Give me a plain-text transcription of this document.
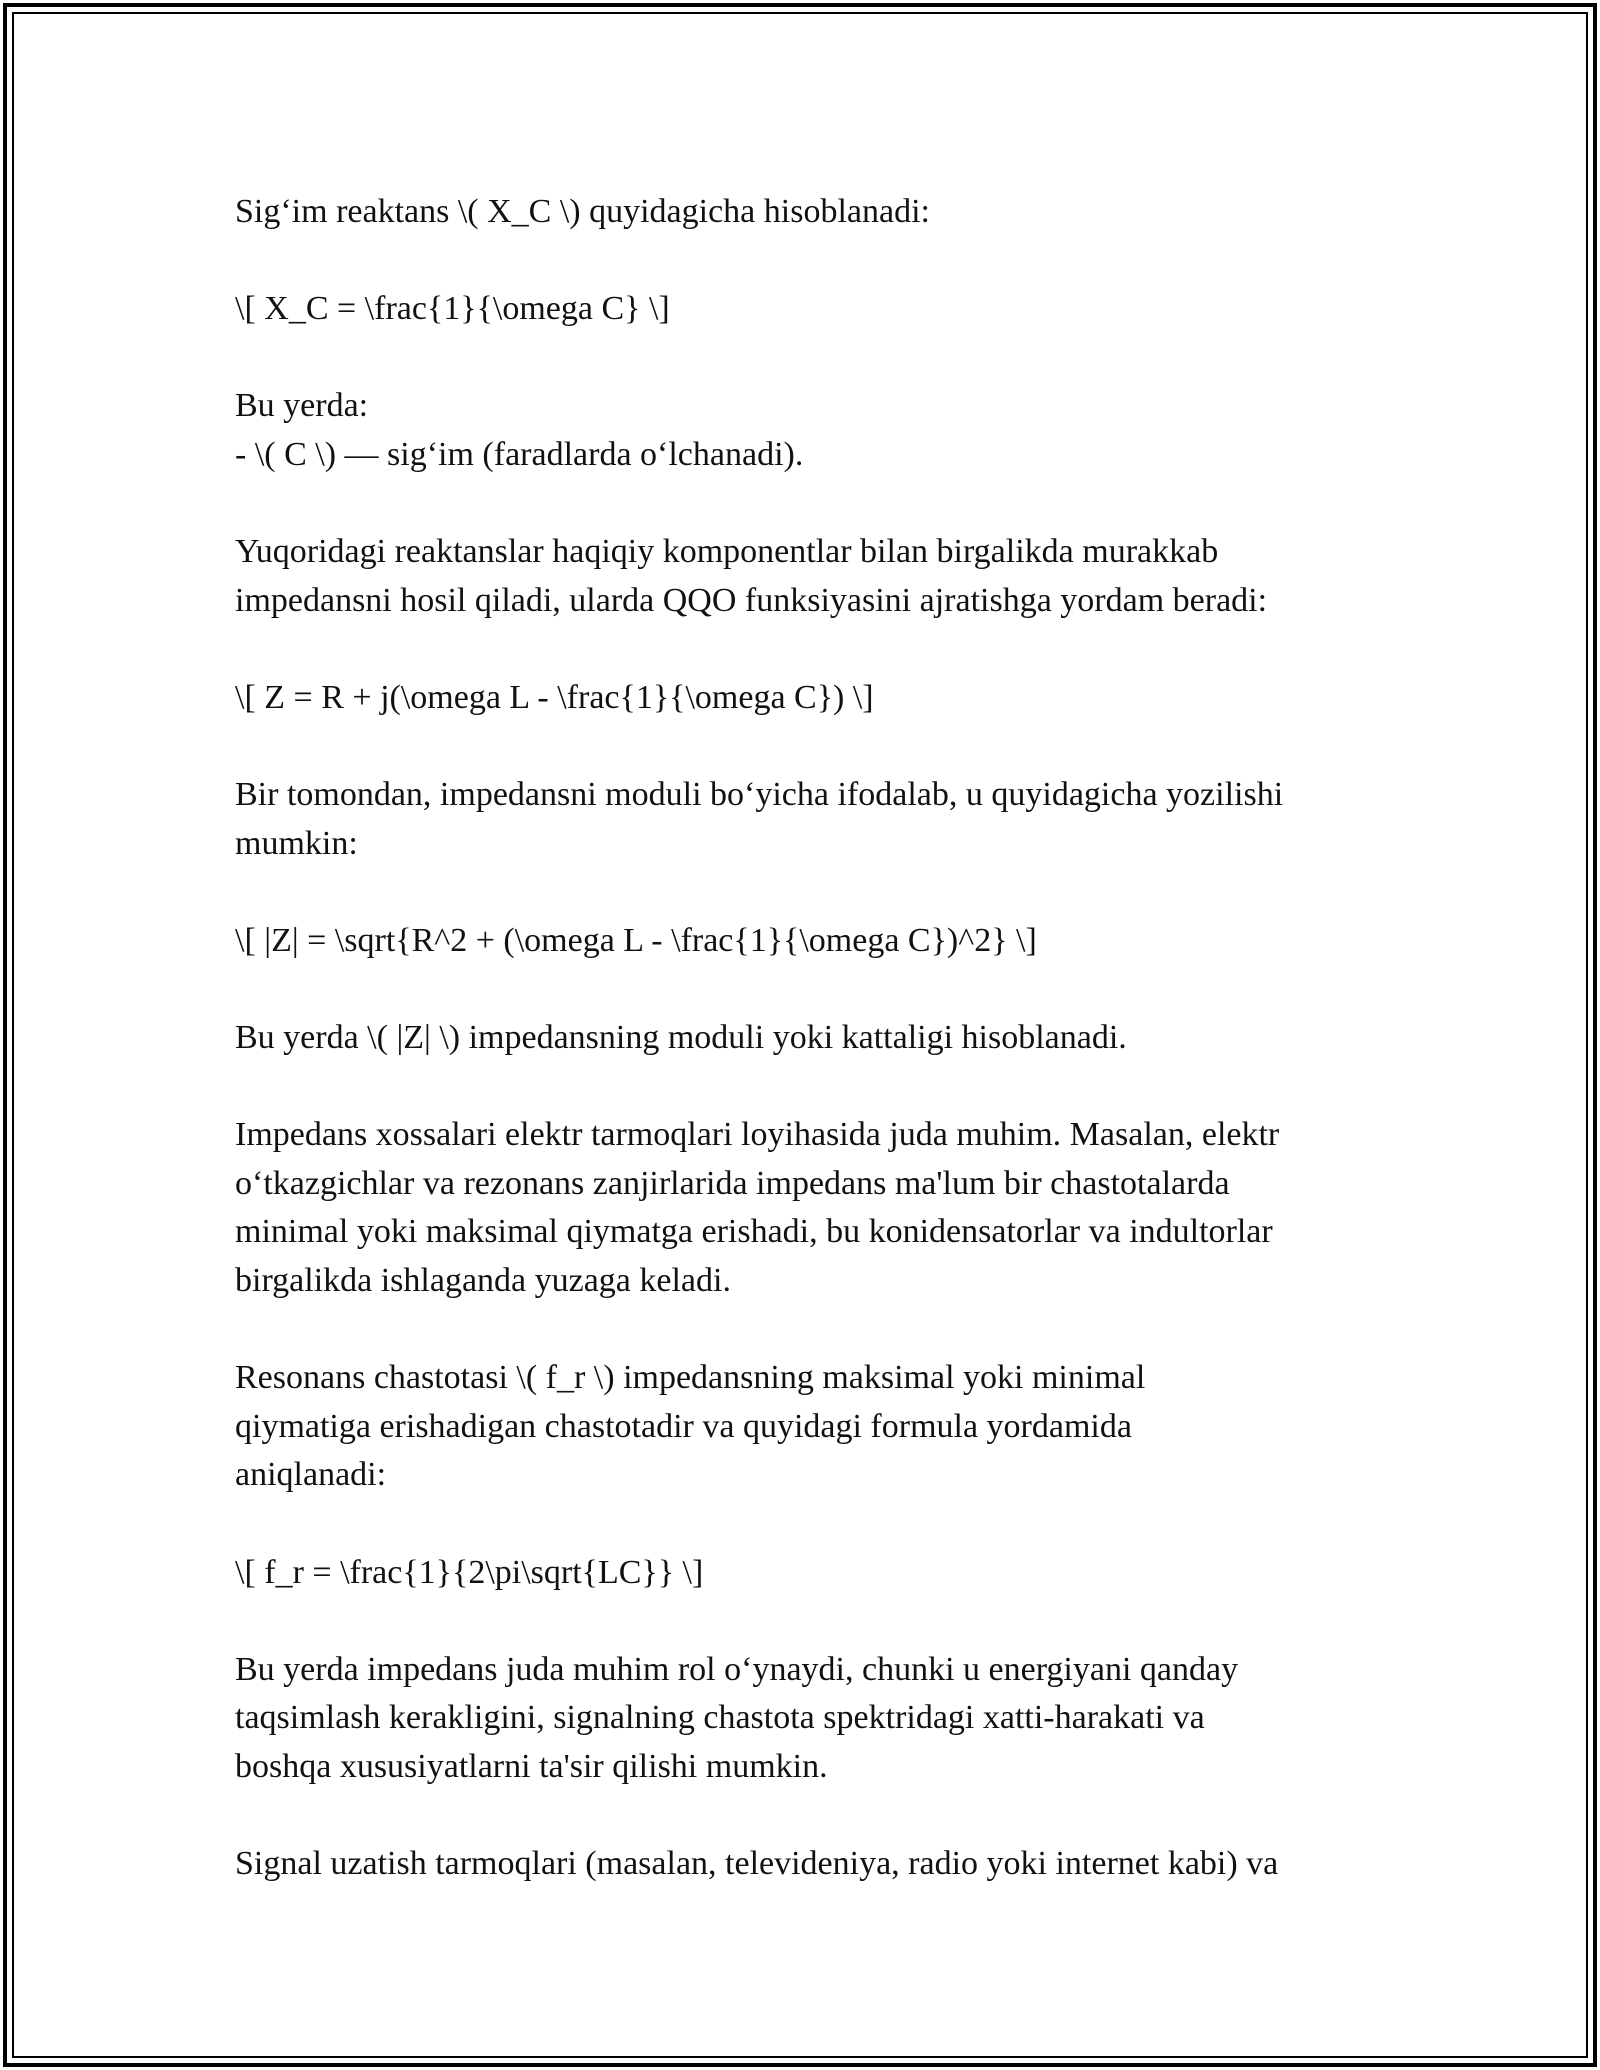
Sig‘im reaktans \( X_C \) quyidagicha hisoblanadi:

\[ X_C = \frac{1}{\omega C} \]

Bu yerda:
- \( C \) — sig‘im (faradlarda o‘lchanadi).

Yuqoridagi reaktanslar haqiqiy komponentlar bilan birgalikda murakkab
impedansni hosil qiladi, ularda QQO funksiyasini ajratishga yordam beradi:

\[ Z = R + j(\omega L - \frac{1}{\omega C}) \]

Bir tomondan, impedansni moduli bo‘yicha ifodalab, u quyidagicha yozilishi
mumkin:

\[ |Z| = \sqrt{R^2 + (\omega L - \frac{1}{\omega C})^2} \]

Bu yerda \( |Z| \) impedansning moduli yoki kattaligi hisoblanadi.

Impedans xossalari elektr tarmoqlari loyihasida juda muhim. Masalan, elektr
o‘tkazgichlar va rezonans zanjirlarida impedans ma'lum bir chastotalarda
minimal yoki maksimal qiymatga erishadi, bu konidensatorlar va indultorlar
birgalikda ishlaganda yuzaga keladi.

Resonans chastotasi \( f_r \) impedansning maksimal yoki minimal
qiymatiga erishadigan chastotadir va quyidagi formula yordamida
aniqlanadi:

\[ f_r = \frac{1}{2\pi\sqrt{LC}} \]

Bu yerda impedans juda muhim rol o‘ynaydi, chunki u energiyani qanday
taqsimlash kerakligini, signalning chastota spektridagi xatti-harakati va
boshqa xususiyatlarni ta'sir qilishi mumkin.

Signal uzatish tarmoqlari (masalan, televideniya, radio yoki internet kabi) va
